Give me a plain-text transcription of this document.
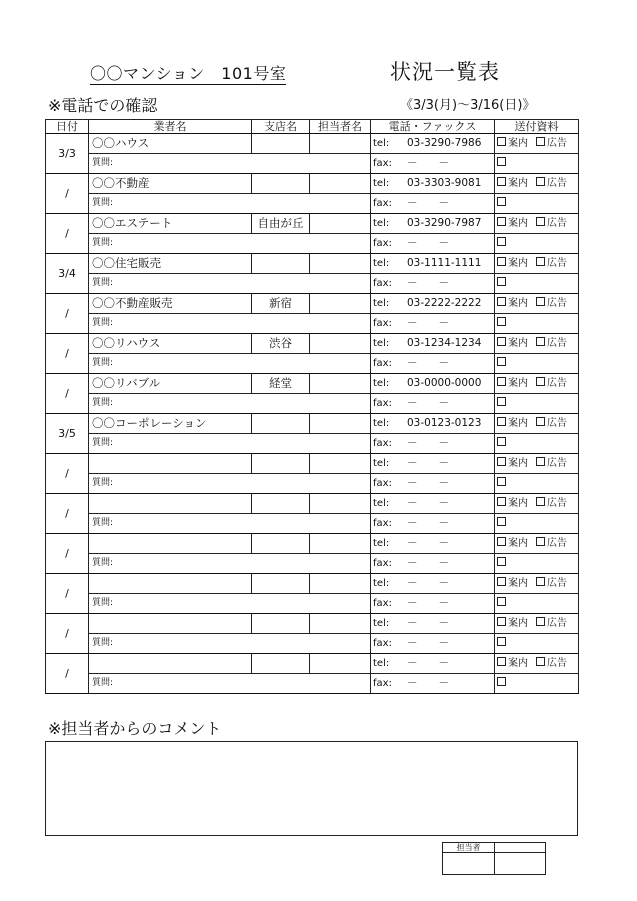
〇〇マンション　101号室	状況一覧表
※電話での確認	《3/3(月)～3/16(日)》
日付	業者名	支店名	担当者名	電話・ファックス	送付資料
3/3	〇〇ハウス			tel: 03-3290-7986	案内 広告
	質問:			fax: －　　－	
/	〇〇不動産			tel: 03-3303-9081	案内 広告
	質問:			fax: －　　－	
/	〇〇エステート	自由が丘		tel: 03-3290-7987	案内 広告
	質問:			fax: －　　－	
3/4	〇〇住宅販売			tel: 03-1111-1111	案内 広告
	質問:			fax: －　　－	
/	〇〇不動産販売	新宿		tel: 03-2222-2222	案内 広告
	質問:			fax: －　　－	
/	〇〇リハウス	渋谷		tel: 03-1234-1234	案内 広告
	質問:			fax: －　　－	
/	〇〇リバブル	経堂		tel: 03-0000-0000	案内 広告
	質問:			fax: －　　－	
3/5	〇〇コーポレーション			tel: 03-0123-0123	案内 広告
	質問:			fax: －　　－	
/				tel: －　　－	案内 広告
	質問:			fax: －　　－	
/				tel: －　　－	案内 広告
	質問:			fax: －　　－	
/				tel: －　　－	案内 広告
	質問:			fax: －　　－	
/				tel: －　　－	案内 広告
	質問:			fax: －　　－	
/				tel: －　　－	案内 広告
	質問:			fax: －　　－	
/				tel: －　　－	案内 広告
	質問:			fax: －　　－	
※担当者からのコメント
担当者	
